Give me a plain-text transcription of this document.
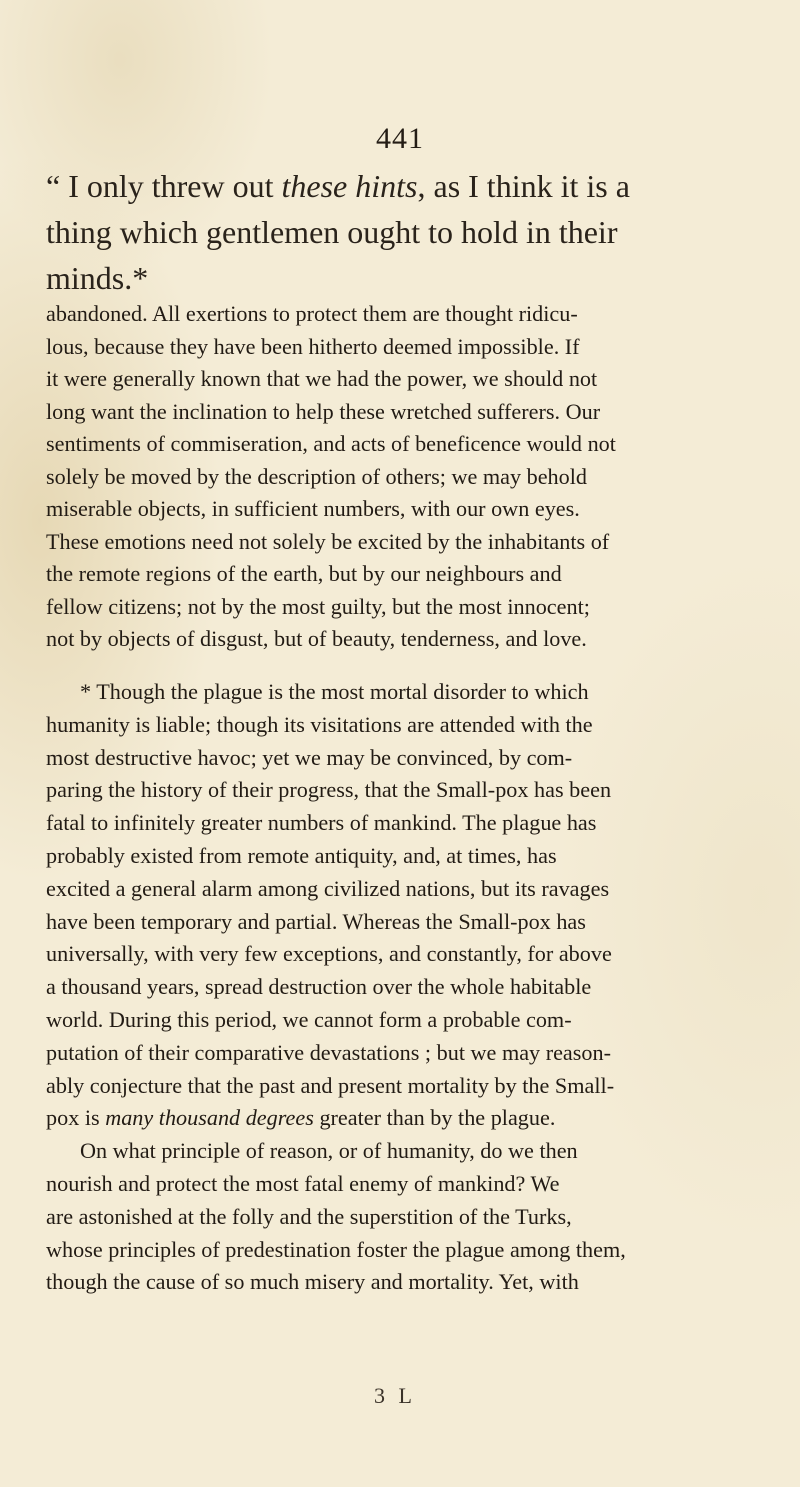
441
“ I only threw out these hints, as I think it is a
thing which gentlemen ought to hold in their
minds.*
abandoned. All exertions to protect them are thought ridicu-
lous, because they have been hitherto deemed impossible. If
it were generally known that we had the power, we should not
long want the inclination to help these wretched sufferers. Our
sentiments of commiseration, and acts of beneficence would not
solely be moved by the description of others; we may behold
miserable objects, in sufficient numbers, with our own eyes.
These emotions need not solely be excited by the inhabitants of
the remote regions of the earth, but by our neighbours and
fellow citizens; not by the most guilty, but the most innocent;
not by objects of disgust, but of beauty, tenderness, and love.
* Though the plague is the most mortal disorder to which
humanity is liable; though its visitations are attended with the
most destructive havoc; yet we may be convinced, by com-
paring the history of their progress, that the Small-pox has been
fatal to infinitely greater numbers of mankind. The plague has
probably existed from remote antiquity, and, at times, has
excited a general alarm among civilized nations, but its ravages
have been temporary and partial. Whereas the Small-pox has
universally, with very few exceptions, and constantly, for above
a thousand years, spread destruction over the whole habitable
world. During this period, we cannot form a probable com-
putation of their comparative devastations ; but we may reason-
ably conjecture that the past and present mortality by the Small-
pox is many thousand degrees greater than by the plague.
On what principle of reason, or of humanity, do we then
nourish and protect the most fatal enemy of mankind? We
are astonished at the folly and the superstition of the Turks,
whose principles of predestination foster the plague among them,
though the cause of so much misery and mortality. Yet, with
3 L
